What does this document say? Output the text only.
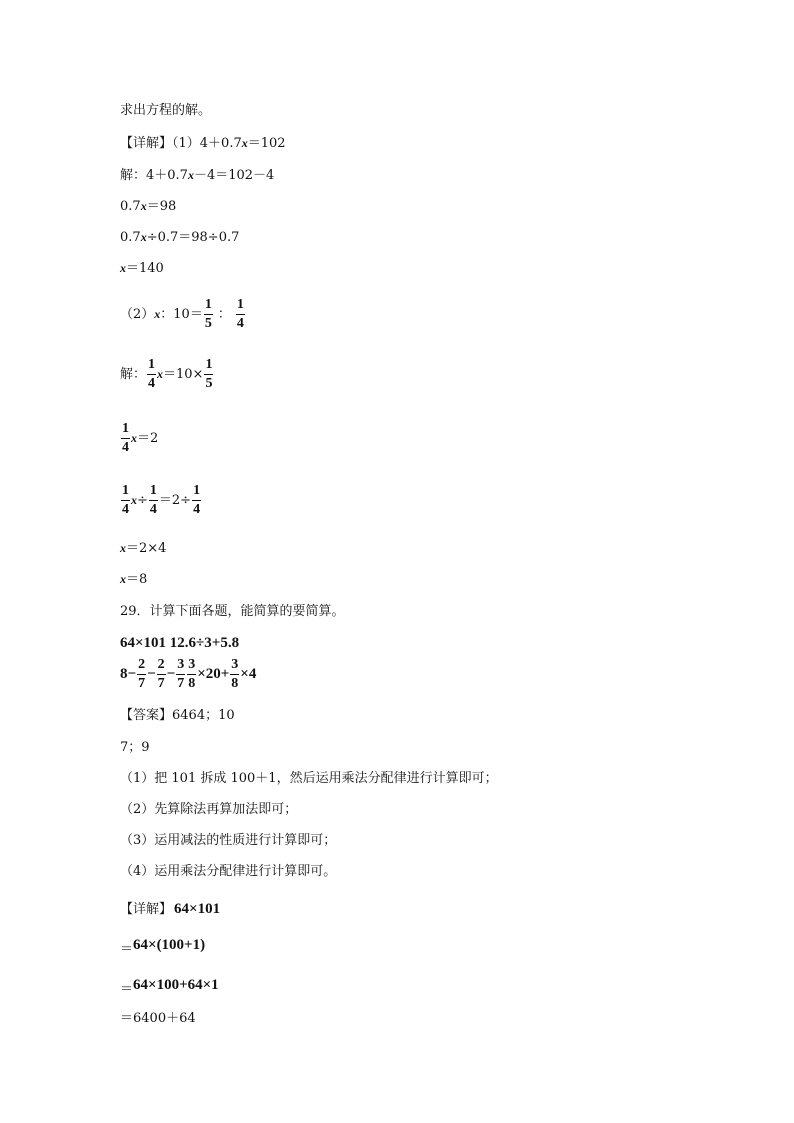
求出方程的解。
【详解】（1）4＋0.7x＝102
解：4＋0.7x－4＝102－4
0.7x＝98
0.7x÷0.7＝98÷0.7
x＝140
（2）x：$10= \frac{1}{5}$ ： $\frac{1}{4}$
解： $\frac{1}{4} x=10\times \frac{1}{5}$
$\frac{1}{4} x=2$
$\frac{1}{4} x\div \frac{1}{4} =2\div \frac{1}{4}$
x＝2×4
x＝8
29．计算下面各题，能简算的要简算。
64×101 12.6÷3+5.8
$8- \frac{2}{7} - \frac{2}{7} - \frac{3}{7} \frac{3}{8} \times 20+ \frac{3}{8} \times 4$
【答案】6464；10
7；9
（1）把 101 拆成 100＋1，然后运用乘法分配律进行计算即可；
（2）先算除法再算加法即可；
（3）运用减法的性质进行计算即可；
（4）运用乘法分配律进行计算即可。
【详解】 64×101
＝64×(100+1)
＝64×100+64×1
＝6400＋64
